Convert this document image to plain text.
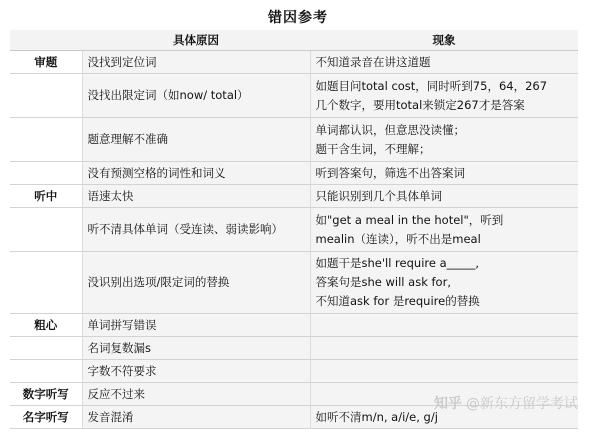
错因参考
	具体原因	现象
审题	没找到定位词	不知道录音在讲这道题

	没找出限定词（如now/ total）	如题目问total cost，同时听到75，64，267
几个数字，要用total来锁定267才是答案

	题意理解不准确	单词都认识，但意思没读懂；
题干含生词，不理解；

	没有预测空格的词性和词义	听到答案句，筛选不出答案词

听中	语速太快	只能识别到几个具体单词

	听不清具体单词（受连读、弱读影响）	如"get a meal in the hotel"，听到
mealin（连读），听不出是meal

	没识别出选项/限定词的替换	如题干是she'll require a_____,
答案句是she will ask for,
不知道ask for 是require的替换

粗心	单词拼写错误	

	名词复数漏s	

	字数不符要求	

数字听写	反应不过来	

名字听写	发音混淆	如听不清m/n, a/i/e, g/j
知乎 @新东方留学考试
